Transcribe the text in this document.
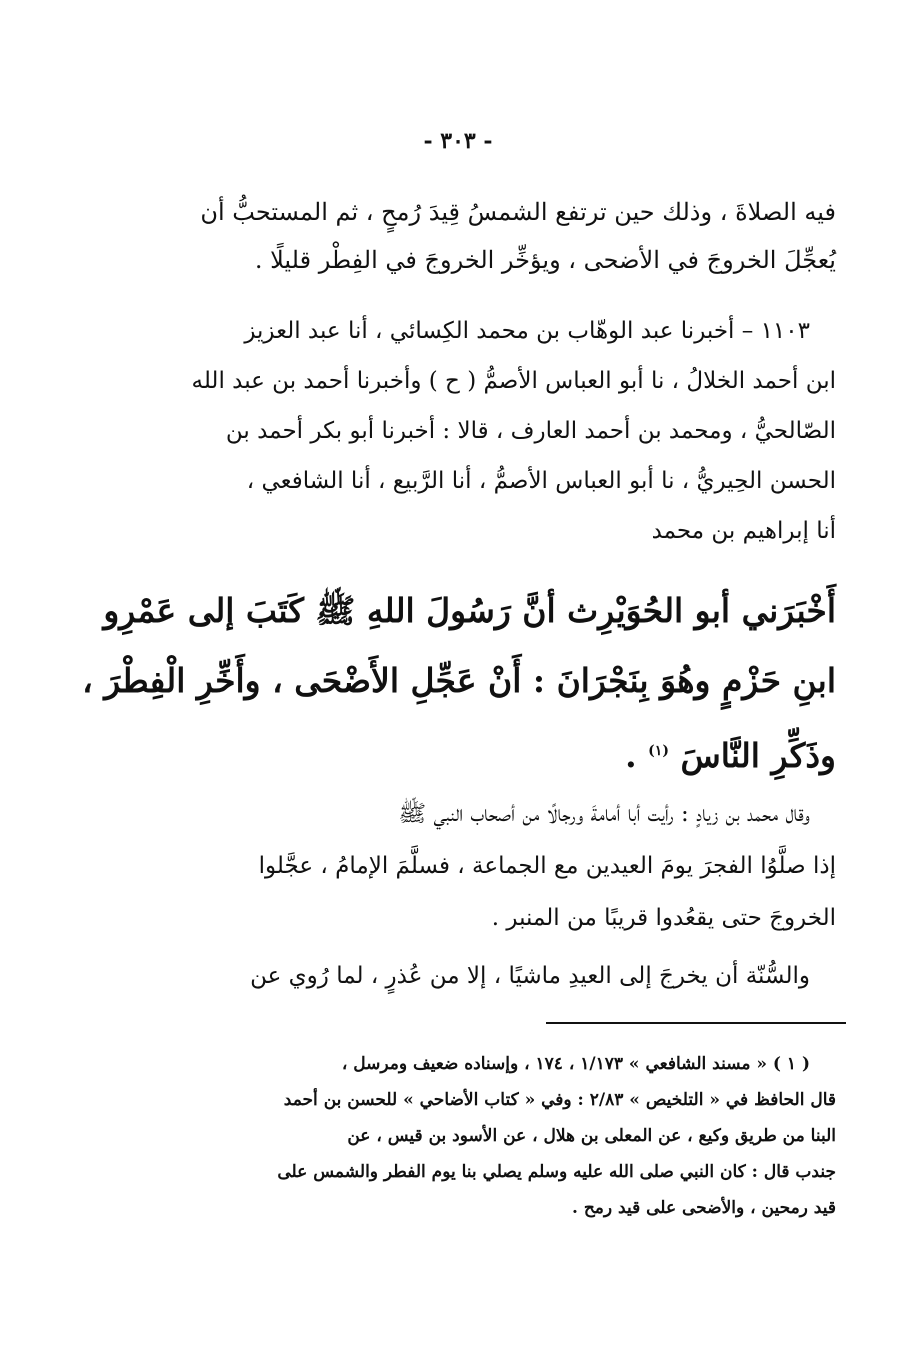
- ٣٠٣ -
فيه الصلاةَ ، وذلك حين ترتفع الشمسُ قِيدَ رُمحٍ ، ثم المستحبُّ أن
يُعجِّلَ الخروجَ في الأضحى ، ويؤخِّر الخروجَ في الفِطْر قليلًا .
١١٠٣ – أخبرنا عبد الوهّاب بن محمد الكِسائي ، أنا عبد العزيز
ابن أحمد الخلالُ ، نا أبو العباس الأصمُّ ( ح ) وأخبرنا أحمد بن عبد الله
الصّالحيُّ ، ومحمد بن أحمد العارف ، قالا : أخبرنا أبو بكر أحمد بن
الحسن الحِيريُّ ، نا أبو العباس الأصمُّ ، أنا الرَّبيع ، أنا الشافعي ،
أنا إبراهيم بن محمد
أَخْبَرَني أبو الحُوَيْرِث أنَّ رَسُولَ اللهِ ﷺ كَتَبَ إلى عَمْرِو
ابنِ حَزْمٍ وهُوَ بِنَجْرَانَ : أَنْ عَجِّلِ الأَضْحَى ، وأَخِّرِ الْفِطْرَ ،
وذَكِّرِ النَّاسَ $^{(١)}$ .
وقال محمد بن زيادٍ : رأيت أبا أمامةَ ورجالًا من أصحاب النبي ﷺ
إذا صلَّوُا الفجرَ يومَ العيدين مع الجماعة ، فسلَّمَ الإمامُ ، عجَّلوا
الخروجَ حتى يقعُدوا قريبًا من المنبر .
والسُّنّة أن يخرجَ إلى العيدِ ماشيًا ، إلا من عُذرٍ ، لما رُوي عن
( ١ ) « مسند الشافعي » ١/١٧٣ ، ١٧٤ ، وإسناده ضعيف ومرسل ،
قال الحافظ في « التلخيص » ٢/٨٣ : وفي « كتاب الأضاحي » للحسن بن أحمد
البنا من طريق وكيع ، عن المعلى بن هلال ، عن الأسود بن قيس ، عن
جندب قال : كان النبي صلى الله عليه وسلم يصلي بنا يوم الفطر والشمس على
قيد رمحين ، والأضحى على قيد رمح .
